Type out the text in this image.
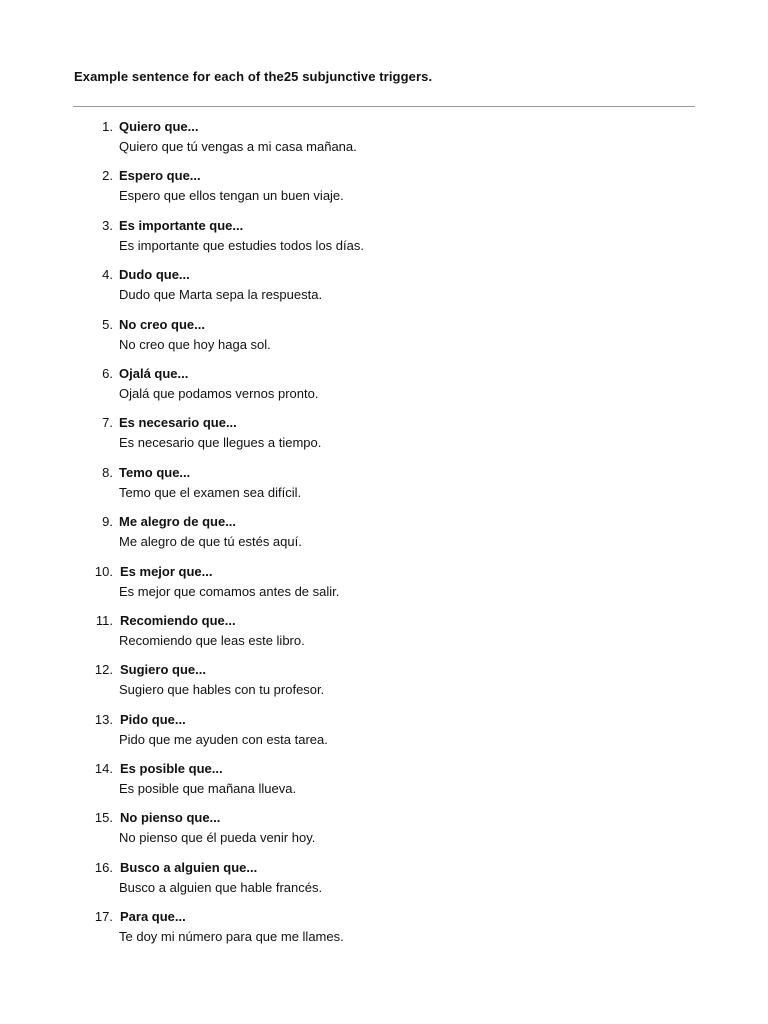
Example sentence for each of the25 subjunctive triggers.
1. Quiero que...
Quiero que tú vengas a mi casa mañana.
2. Espero que...
Espero que ellos tengan un buen viaje.
3. Es importante que...
Es importante que estudies todos los días.
4. Dudo que...
Dudo que Marta sepa la respuesta.
5. No creo que...
No creo que hoy haga sol.
6. Ojalá que...
Ojalá que podamos vernos pronto.
7. Es necesario que...
Es necesario que llegues a tiempo.
8. Temo que...
Temo que el examen sea difícil.
9. Me alegro de que...
Me alegro de que tú estés aquí.
10. Es mejor que...
Es mejor que comamos antes de salir.
11. Recomiendo que...
Recomiendo que leas este libro.
12. Sugiero que...
Sugiero que hables con tu profesor.
13. Pido que...
Pido que me ayuden con esta tarea.
14. Es posible que...
Es posible que mañana llueva.
15. No pienso que...
No pienso que él pueda venir hoy.
16. Busco a alguien que...
Busco a alguien que hable francés.
17. Para que...
Te doy mi número para que me llames.
